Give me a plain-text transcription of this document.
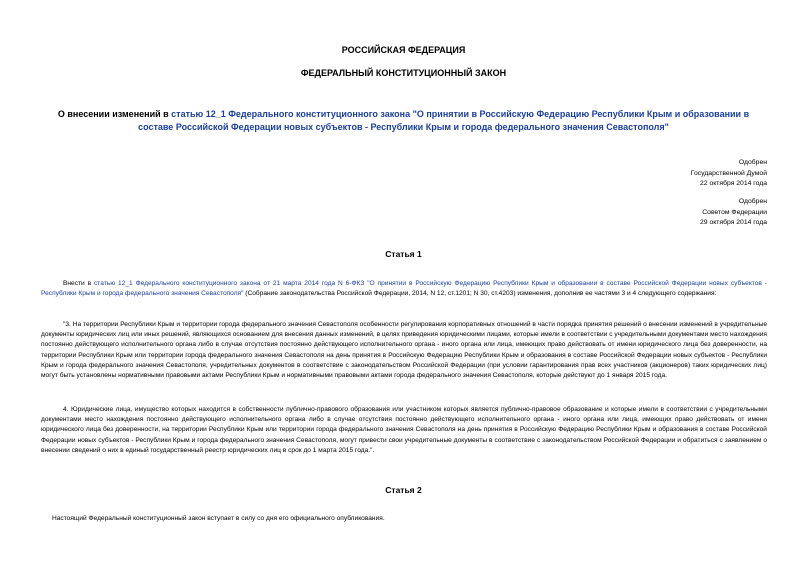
РОССИЙСКАЯ ФЕДЕРАЦИЯ
ФЕДЕРАЛЬНЫЙ КОНСТИТУЦИОННЫЙ ЗАКОН
О внесении изменений в статью 12_1 Федерального конституционного закона "О принятии в Российскую Федерацию Республики Крым и образовании в составе Российской Федерации новых субъектов - Республики Крым и города федерального значения Севастополя"
Одобрен
Государственной Думой
22 октября 2014 года
Одобрен
Советом Федерации
29 октября 2014 года
Статья 1
Внести в статью 12_1 Федерального конституционного закона от 21 марта 2014 года N 6-ФКЗ "О принятии в Российскую Федерацию Республики Крым и образовании в составе Российской Федерации новых субъектов - Республики Крым и города федерального значения Севастополя" (Собрание законодательства Российской Федерации, 2014, N 12, ст.1201; N 30, ст.4203) изменения, дополнив ее частями 3 и 4 следующего содержания:
"3. На территории Республики Крым и территории города федерального значения Севастополя особенности регулирования корпоративных отношений в части порядка принятия решений о внесении изменений в учредительные документы юридических лиц или иных решений, являющихся основанием для внесения данных изменений, в целях приведения юридическими лицами, которые имели в соответствии с учредительными документами место нахождения постоянно действующего исполнительного органа либо в случае отсутствия постоянно действующего исполнительного органа - иного органа или лица, имеющих право действовать от имени юридического лица без доверенности, на территории Республики Крым или территории города федерального значения Севастополя на день принятия в Российскую Федерацию Республики Крым и образования в составе Российской Федерации новых субъектов - Республики Крым и города федерального значения Севастополя, учредительных документов в соответствие с законодательством Российской Федерации (при условии гарантирования прав всех участников (акционеров) таких юридических лиц) могут быть установлены нормативными правовыми актами Республики Крым и нормативными правовыми актами города федерального значения Севастополя, которые действуют до 1 января 2015 года.
4. Юридические лица, имущество которых находится в собственности публично-правового образования или участником которых является публично-правовое образование и которые имели в соответствии с учредительными документами место нахождения постоянно действующего исполнительного органа либо в случае отсутствия постоянно действующего исполнительного органа - иного органа или лица, имеющих право действовать от имени юридического лица без доверенности, на территории Республики Крым или территории города федерального значения Севастополя на день принятия в Российскую Федерацию Республики Крым и образования в составе Российской Федерации новых субъектов - Республики Крым и города федерального значения Севастополя, могут привести свои учредительные документы в соответствие с законодательством Российской Федерации и обратиться с заявлением о внесении сведений о них в единый государственный реестр юридических лиц в срок до 1 марта 2015 года.".
Статья 2
Настоящий Федеральный конституционный закон вступает в силу со дня его официального опубликования.
